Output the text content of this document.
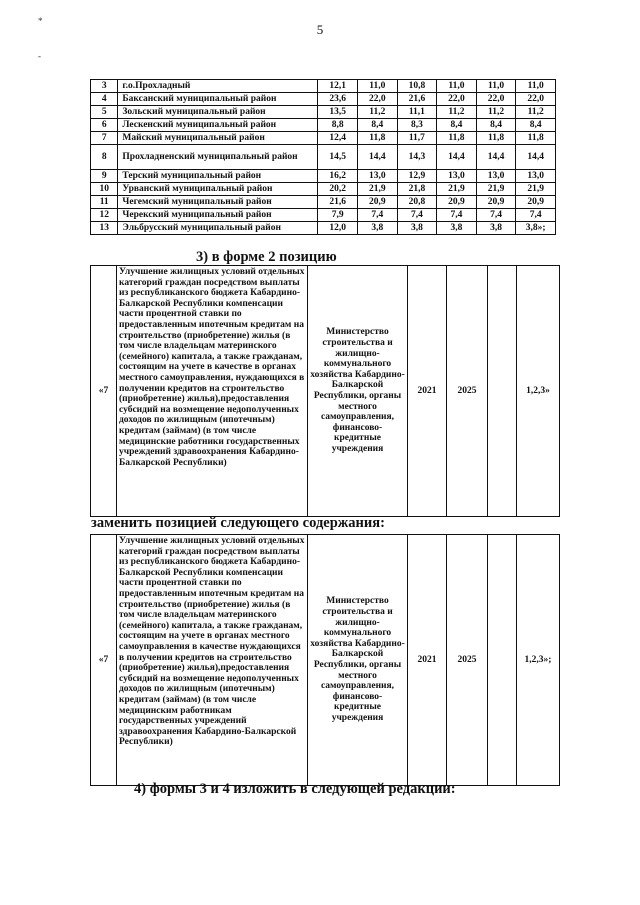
*
-
5
3	г.о.Прохладный	12,1	11,0	10,8	11,0	11,0	11,0
4	Баксанский муниципальный район	23,6	22,0	21,6	22,0	22,0	22,0
5	Зольский муниципальный район	13,5	11,2	11,1	11,2	11,2	11,2
6	Лескенский муниципальный район	8,8	8,4	8,3	8,4	8,4	8,4
7	Майский муниципальный район	12,4	11,8	11,7	11,8	11,8	11,8
8	Прохладненский муниципальный район	14,5	14,4	14,3	14,4	14,4	14,4
9	Терский муниципальный район	16,2	13,0	12,9	13,0	13,0	13,0
10	Урванский муниципальный район	20,2	21,9	21,8	21,9	21,9	21,9
11	Чегемский муниципальный район	21,6	20,9	20,8	20,9	20,9	20,9
12	Черекский муниципальный район	7,9	7,4	7,4	7,4	7,4	7,4
13	Эльбрусский муниципальный район	12,0	3,8	3,8	3,8	3,8	3,8»;
3) в форме 2 позицию
«7	Улучшение жилищных условий отдельных категорий граждан посредством выплаты из республиканского бюджета Кабардино-Балкарской Республики компенсации части процентной ставки по предоставленным ипотечным кредитам на строительство (приобретение) жилья (в том числе владельцам материнского (семейного) капитала, а также гражданам, состоящим на учете в качестве в органах местного самоуправления, нуждающихся в получении кредитов на строительство (приобретение) жилья),предоставления субсидий на возмещение недополученных доходов по жилищным (ипотечным) кредитам (займам) (в том числе медицинские работники государственных учреждений здравоохранения Кабардино-Балкарской Республики)	Министерство строительства и жилищно-коммунального хозяйства Кабардино-Балкарской Республики, органы местного самоуправления, финансово-кредитные учреждения	2021	2025		1,2,3»
заменить позицией следующего содержания:
«7	Улучшение жилищных условий отдельных категорий граждан посредством выплаты из республиканского бюджета Кабардино-Балкарской Республики компенсации части процентной ставки по предоставленным ипотечным кредитам на строительство (приобретение) жилья (в том числе владельцам материнского (семейного) капитала, а также гражданам, состоящим на учете в органах местного самоуправления в качестве нуждающихся в получении кредитов на строительство (приобретение) жилья),предоставления субсидий на возмещение недополученных доходов по жилищным (ипотечным) кредитам (займам) (в том числе медицинским работникам государственных учреждений здравоохранения Кабардино-Балкарской Республики)	Министерство строительства и жилищно-коммунального хозяйства Кабардино-Балкарской Республики, органы местного самоуправления, финансово-кредитные учреждения	2021	2025		1,2,3»;
4) формы 3 и 4 изложить в следующей редакции:
